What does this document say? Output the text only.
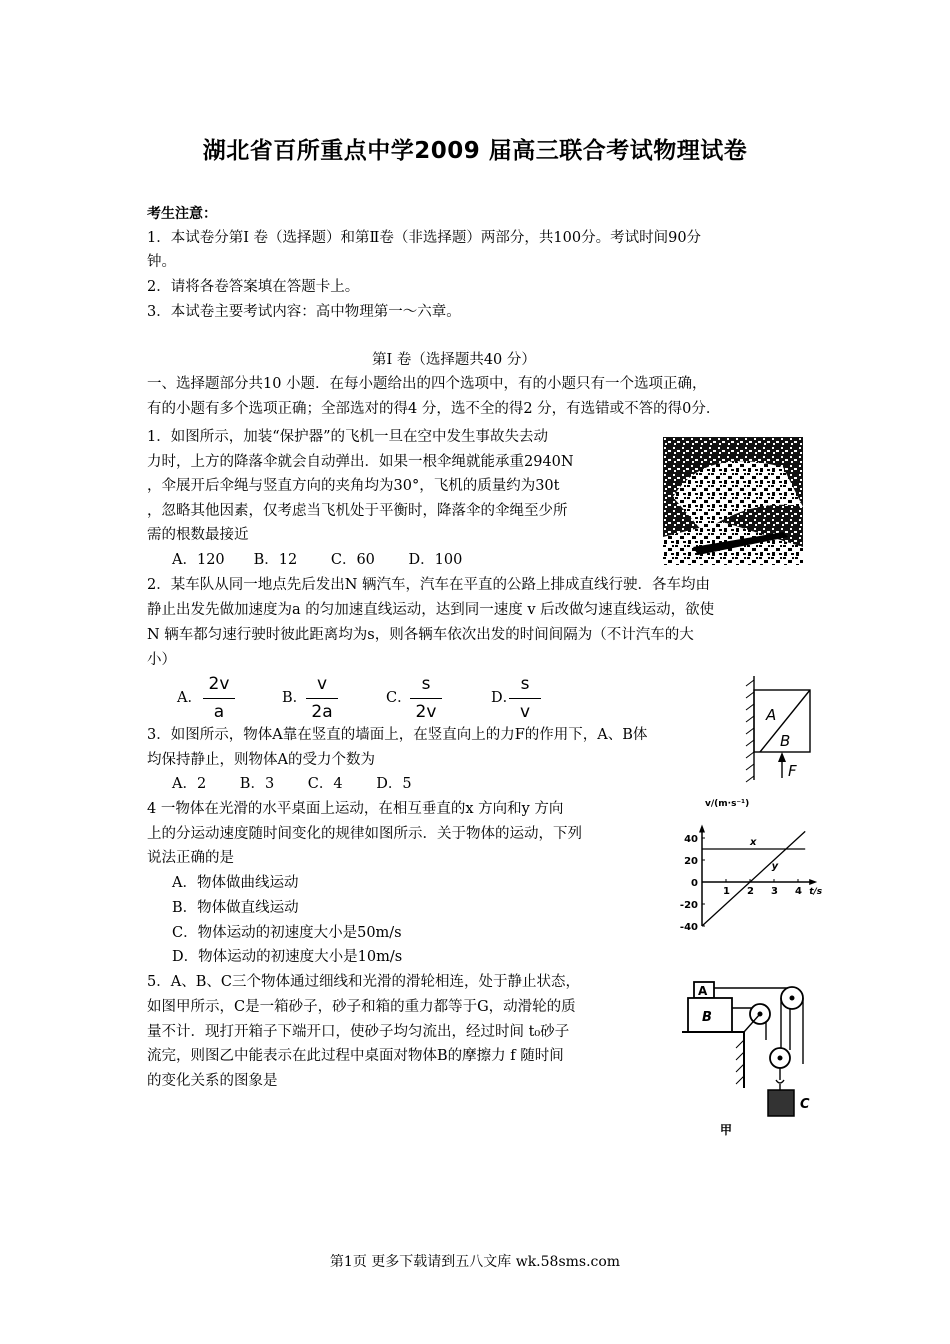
湖北省百所重点中学2009 届高三联合考试物理试卷
考生注意：
1．本试卷分第Ⅰ 卷（选择题）和第Ⅱ卷（非选择题）两部分，共100分。考试时间90分
钟。
2．请将各卷答案填在答题卡上。
3．本试卷主要考试内容：高中物理第一～六章。
第Ⅰ 卷（选择题共40 分）
一、选择题部分共10 小题．在每小题给出的四个选项中，有的小题只有一个选项正确，
有的小题有多个选项正确；全部选对的得4 分，选不全的得2 分，有选错或不答的得0分．
1．如图所示，加装“保护器”的飞机一旦在空中发生事故失去动
力时，上方的降落伞就会自动弹出．如果一根伞绳就能承重2940N
，伞展开后伞绳与竖直方向的夹角均为30°，飞机的质量约为30t
，忽略其他因素，仅考虑当飞机处于平衡时，降落伞的伞绳至少所
需的根数最接近
A．120　　B．12　　 C．60　　 D．100
2．某车队从同一地点先后发出N 辆汽车，汽车在平直的公路上排成直线行驶．各车均由
静止出发先做加速度为a 的匀加速直线运动，达到同一速度 v 后改做匀速直线运动，欲使
N 辆车都匀速行驶时彼此距离均为s，则各辆车依次出发的时间间隔为（不计汽车的大
小）
A．
2v
a
B．
v
2a
C．
s
2v
D．
s
v	A
B
F
3．如图所示，物体A靠在竖直的墙面上，在竖直向上的力F的作用下，A、B体
均保持静止，则物体A的受力个数为
A．2　　 B．3　　 C．4　　 D．5
4 一物体在光滑的水平桌面上运动，在相互垂直的x 方向和y 方向
上的分运动速度随时间变化的规律如图所示．关于物体的运动，下列
说法正确的是
A．物体做曲线运动
B．物体做直线运动
C．物体运动的初速度大小是50m/s
D．物体运动的初速度大小是10m/s
1 2 3 4
40
20
0
-20
-40
v/(m·s⁻¹)
t/s
x
y
5．A、B、C三个物体通过细线和光滑的滑轮相连，处于静止状态，
如图甲所示，C是一箱砂子，砂子和箱的重力都等于G，动滑轮的质
量不计．现打开箱子下端开口，使砂子均匀流出，经过时间 t₀砂子
流完，则图乙中能表示在此过程中桌面对物体B的摩擦力 f 随时间
的变化关系的图象是
A
B
C
甲
第1页 更多下载请到五八文库 wk.58sms.com
